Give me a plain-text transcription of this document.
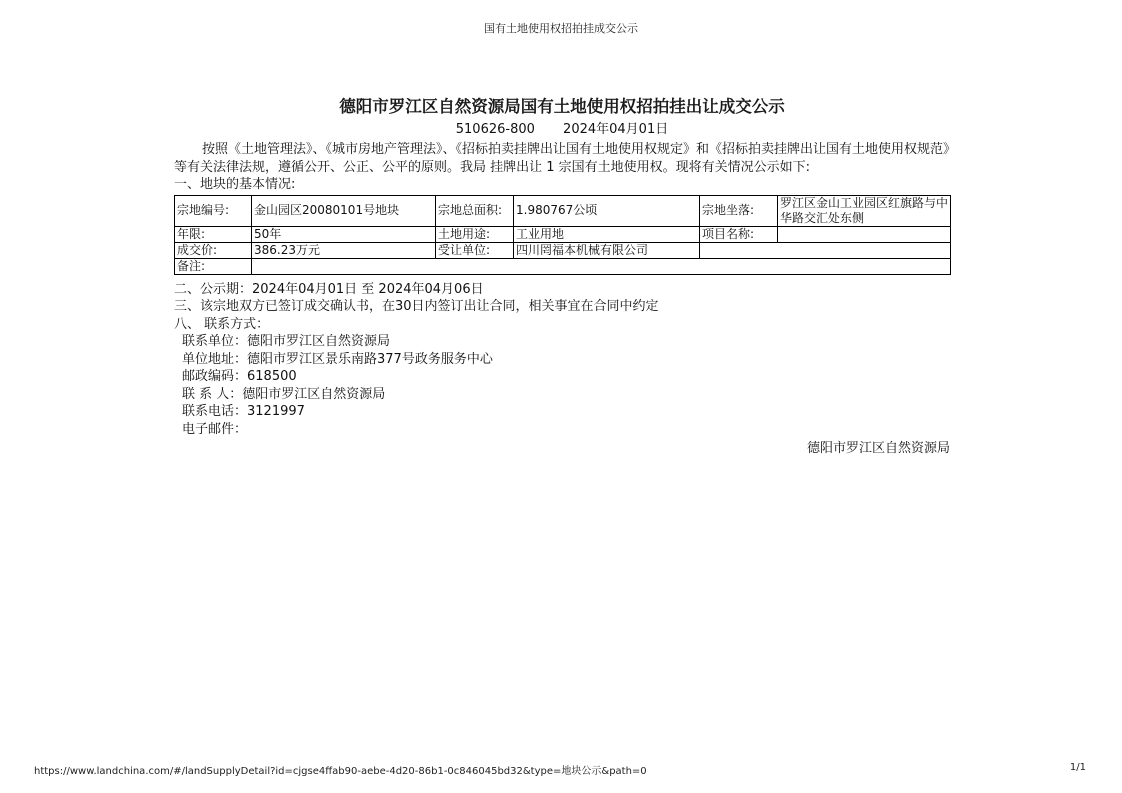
国有土地使用权招拍挂成交公示
德阳市罗江区自然资源局国有土地使用权招拍挂出让成交公示
510626-800 2024年04月01日

按照《土地管理法》、《城市房地产管理法》、《招标拍卖挂牌出让国有土地使用权规定》和《招标拍卖挂牌出让国有土地使用权规范》等有关法律法规，遵循公开、公正、公平的原则。我局 挂牌出让 1 宗国有土地使用权。现将有关情况公示如下:

一、地块的基本情况:
宗地编号:	金山园区20080101号地块	宗地总面积:	1.980767公顷	宗地坐落:	罗江区金山工业园区红旗路与中华路交汇处东侧
年限:	50年	土地用途:	工业用地	项目名称:	
成交价:	386.23万元	受让单位:	四川罔福本机械有限公司		
备注:					
二、公示期：2024年04月01日 至 2024年04月06日
三、该宗地双方已签订成交确认书，在30日内签订出让合同，相关事宜在合同中约定
八、 联系方式：
联系单位：德阳市罗江区自然资源局
单位地址：德阳市罗江区景乐南路377号政务服务中心
邮政编码：618500
联 系 人：德阳市罗江区自然资源局
联系电话：3121997
电子邮件：
德阳市罗江区自然资源局
https://www.landchina.com/#/landSupplyDetail?id=cjgse4ffab90-aebe-4d20-86b1-0c846045bd32&type=地块公示&path=0	1/1
